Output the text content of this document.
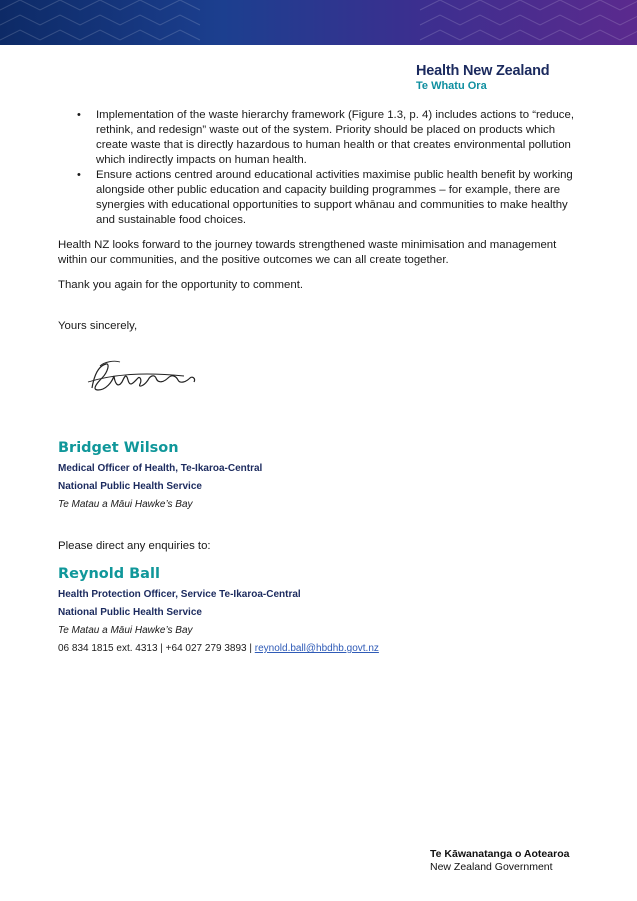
Health New Zealand
Te Whatu Ora
• Implementation of the waste hierarchy framework (Figure 1.3, p. 4) includes actions to “reduce, rethink, and redesign” waste out of the system. Priority should be placed on products which create waste that is directly hazardous to human health or that creates environmental pollution which indirectly impacts on human health.
• Ensure actions centred around educational activities maximise public health benefit by working alongside other public education and capacity building programmes – for example, there are synergies with educational opportunities to support whānau and communities to make healthy and sustainable food choices.

Health NZ looks forward to the journey towards strengthened waste minimisation and management within our communities, and the positive outcomes we can all create together.

Thank you again for the opportunity to comment.

Yours sincerely,
Bridget Wilson
Medical Officer of Health, Te-Ikaroa-Central
National Public Health Service
Te Matau a Māui Hawke’s Bay
Please direct any enquiries to:
Reynold Ball
Health Protection Officer, Service Te-Ikaroa-Central
National Public Health Service
Te Matau a Māui Hawke’s Bay
06 834 1815 ext. 4313 | +64 027 279 3893 | reynold.ball@hbdhb.govt.nz
Te Kāwanatanga o Aotearoa
New Zealand Government
